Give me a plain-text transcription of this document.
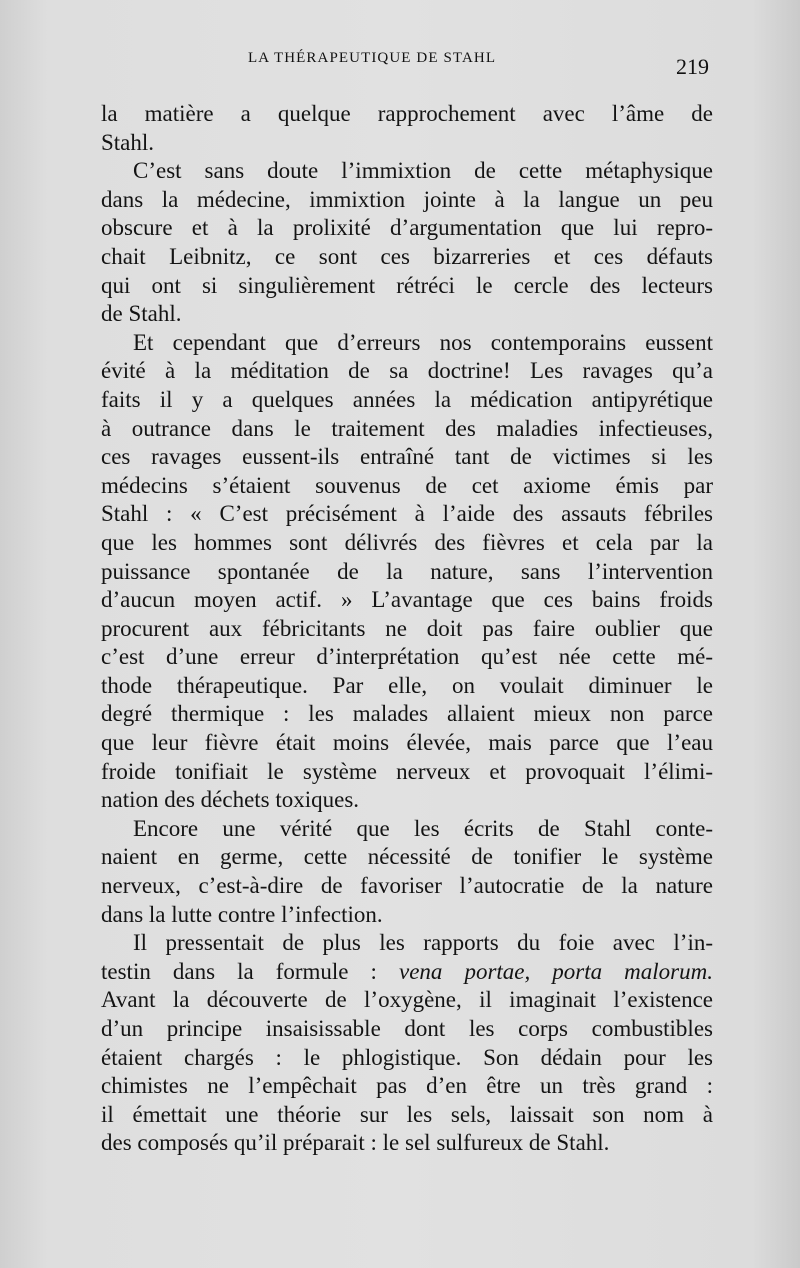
LA THÉRAPEUTIQUE DE STAHL	219

la matière a quelque rapprochement avec l’âme de
Stahl.

C’est sans doute l’immixtion de cette métaphysique
dans la médecine, immixtion jointe à la langue un peu
obscure et à la prolixité d’argumentation que lui repro-
chait Leibnitz, ce sont ces bizarreries et ces défauts
qui ont si singulièrement rétréci le cercle des lecteurs
de Stahl.

Et cependant que d’erreurs nos contemporains eussent
évité à la méditation de sa doctrine! Les ravages qu’a
faits il y a quelques années la médication antipyrétique
à outrance dans le traitement des maladies infectieuses,
ces ravages eussent-ils entraîné tant de victimes si les
médecins s’étaient souvenus de cet axiome émis par
Stahl : « C’est précisément à l’aide des assauts fébriles
que les hommes sont délivrés des fièvres et cela par la
puissance spontanée de la nature, sans l’intervention
d’aucun moyen actif. » L’avantage que ces bains froids
procurent aux fébricitants ne doit pas faire oublier que
c’est d’une erreur d’interprétation qu’est née cette mé-
thode thérapeutique. Par elle, on voulait diminuer le
degré thermique : les malades allaient mieux non parce
que leur fièvre était moins élevée, mais parce que l’eau
froide tonifiait le système nerveux et provoquait l’élimi-
nation des déchets toxiques.

Encore une vérité que les écrits de Stahl conte-
naient en germe, cette nécessité de tonifier le système
nerveux, c’est-à-dire de favoriser l’autocratie de la nature
dans la lutte contre l’infection.

Il pressentait de plus les rapports du foie avec l’in-
testin dans la formule : vena portae, porta malorum.
Avant la découverte de l’oxygène, il imaginait l’existence
d’un principe insaisissable dont les corps combustibles
étaient chargés : le phlogistique. Son dédain pour les
chimistes ne l’empêchait pas d’en être un très grand :
il émettait une théorie sur les sels, laissait son nom à
des composés qu’il préparait : le sel sulfureux de Stahl.
